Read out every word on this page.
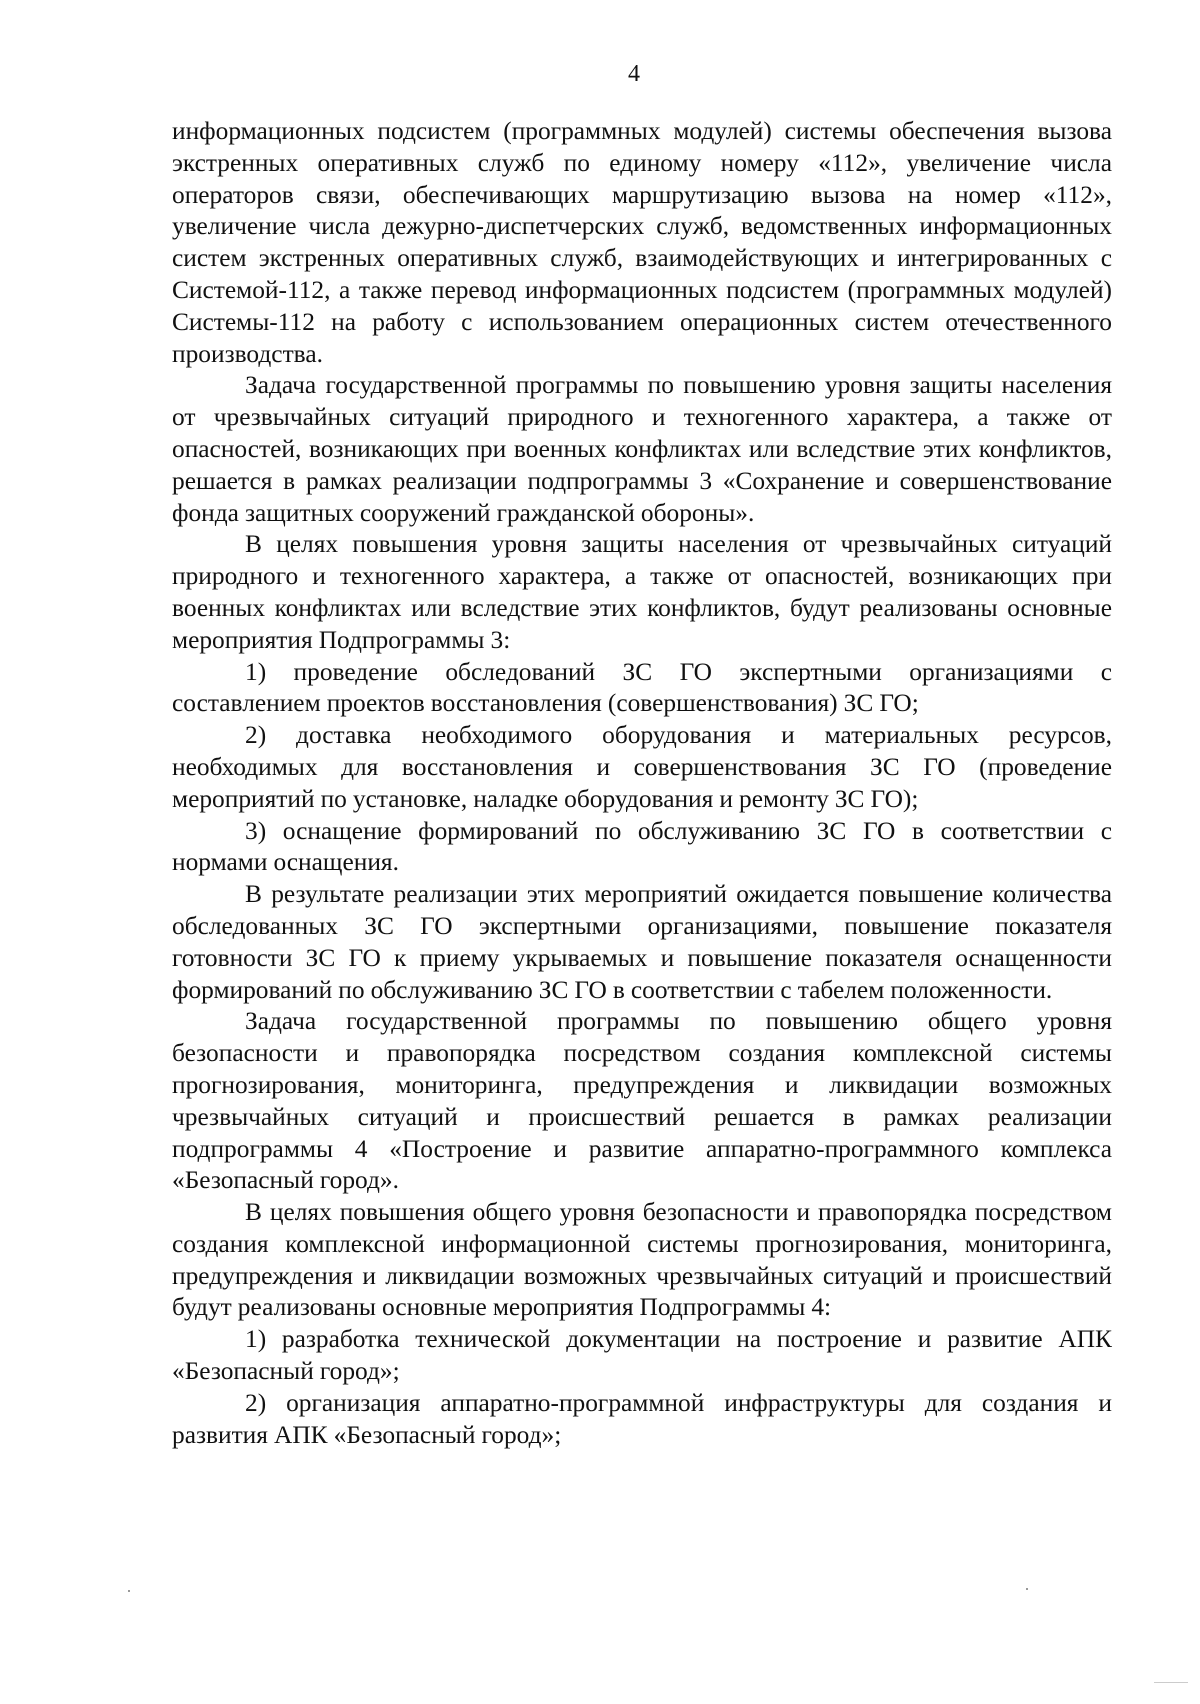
4

информационных подсистем (программных модулей) системы обеспечения вызова экстренных оперативных служб по единому номеру «112», увеличение числа операторов связи, обеспечивающих маршрутизацию вызова на номер «112», увеличение числа дежурно-диспетчерских служб, ведомственных информационных систем экстренных оперативных служб, взаимодействующих и интегрированных с Системой-112, а также перевод информационных подсистем (программных модулей) Системы-112 на работу с использованием операционных систем отечественного производства.

Задача государственной программы по повышению уровня защиты населения от чрезвычайных ситуаций природного и техногенного характера, а также от опасностей, возникающих при военных конфликтах или вследствие этих конфликтов, решается в рамках реализации подпрограммы 3 «Сохранение и совершенствование фонда защитных сооружений гражданской обороны».

В целях повышения уровня защиты населения от чрезвычайных ситуаций природного и техногенного характера, а также от опасностей, возникающих при военных конфликтах или вследствие этих конфликтов, будут реализованы основные мероприятия Подпрограммы 3:

1) проведение обследований ЗС ГО экспертными организациями с составлением проектов восстановления (совершенствования) ЗС ГО;

2) доставка необходимого оборудования и материальных ресурсов, необходимых для восстановления и совершенствования ЗС ГО (проведение мероприятий по установке, наладке оборудования и ремонту ЗС ГО);

3) оснащение формирований по обслуживанию ЗС ГО в соответствии с нормами оснащения.

В результате реализации этих мероприятий ожидается повышение количества обследованных ЗС ГО экспертными организациями, повышение показателя готовности ЗС ГО к приему укрываемых и повышение показателя оснащенности формирований по обслуживанию ЗС ГО в соответствии с табелем положенности.

Задача государственной программы по повышению общего уровня безопасности и правопорядка посредством создания комплексной системы прогнозирования, мониторинга, предупреждения и ликвидации возможных чрезвычайных ситуаций и происшествий решается в рамках реализации подпрограммы 4 «Построение и развитие аппаратно-программного комплекса «Безопасный город».

В целях повышения общего уровня безопасности и правопорядка посредством создания комплексной информационной системы прогнозирования, мониторинга, предупреждения и ликвидации возможных чрезвычайных ситуаций и происшествий будут реализованы основные мероприятия Подпрограммы 4:

1) разработка технической документации на построение и развитие АПК «Безопасный город»;

2) организация аппаратно-программной инфраструктуры для создания и развития АПК «Безопасный город»;
